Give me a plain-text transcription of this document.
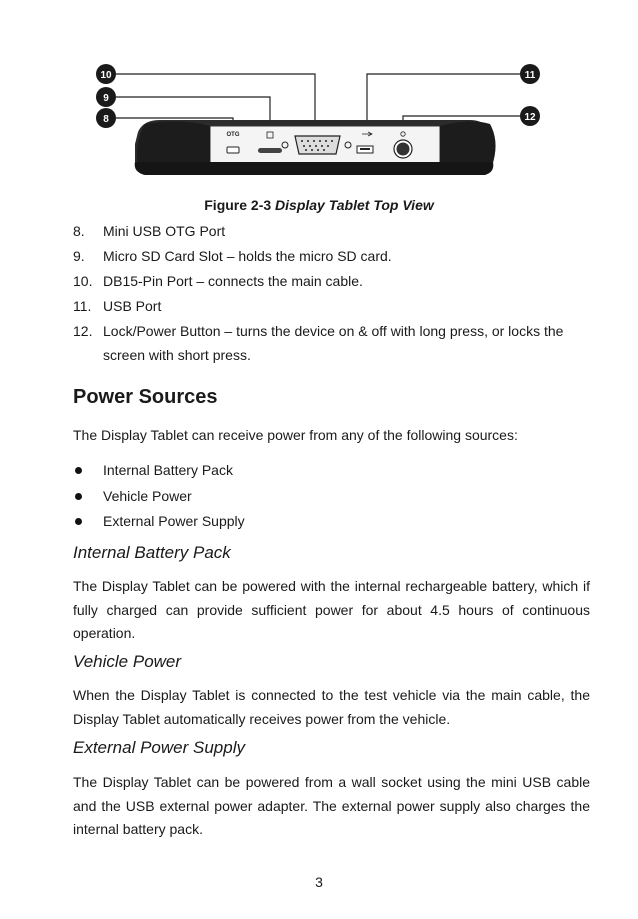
10
9
8
11
12
OTG
Figure 2-3 Display Tablet Top View
8.	Mini USB OTG Port
9.	Micro SD Card Slot – holds the micro SD card.
10. DB15-Pin Port – connects the main cable.
11. USB Port
12. Lock/Power Button – turns the device on & off with long press, or locks the screen with short press.
Power Sources

The Display Tablet can receive power from any of the following sources:

Internal Battery Pack
Vehicle Power
External Power Supply
Internal Battery Pack

The Display Tablet can be powered with the internal rechargeable battery, which if fully charged can provide sufficient power for about 4.5 hours of continuous operation.

Vehicle Power

When the Display Tablet is connected to the test vehicle via the main cable, the Display Tablet automatically receives power from the vehicle.

External Power Supply

The Display Tablet can be powered from a wall socket using the mini USB cable and the USB external power adapter. The external power supply also charges the internal battery pack.

3
